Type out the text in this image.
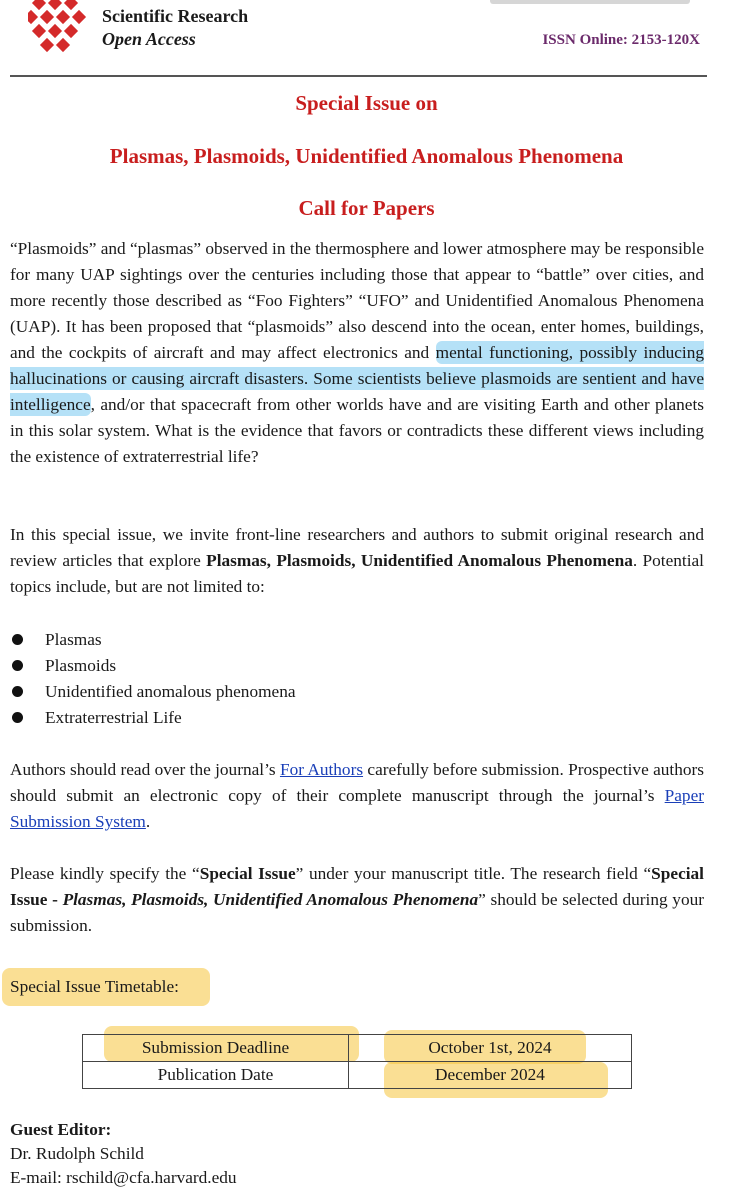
Scientific Research
Open Access	ISSN Online: 2153-120X
Special Issue on
Plasmas, Plasmoids, Unidentified Anomalous Phenomena
Call for Papers
“Plasmoids” and “plasmas” observed in the thermosphere and lower atmosphere may be responsible for many UAP sightings over the centuries including those that appear to “battle” over cities, and more recently those described as “Foo Fighters” “UFO” and Unidentified Anomalous Phenomena (UAP). It has been proposed that “plasmoids” also descend into the ocean, enter homes, buildings, and the cockpits of aircraft and may affect electronics and mental functioning, possibly inducing hallucinations or causing aircraft disasters. Some scientists believe plasmoids are sentient and have intelligence, and/or that spacecraft from other worlds have and are visiting Earth and other planets in this solar system. What is the evidence that favors or contradicts these different views including the existence of extraterrestrial life?
In this special issue, we invite front-line researchers and authors to submit original research and review articles that explore Plasmas, Plasmoids, Unidentified Anomalous Phenomena. Potential topics include, but are not limited to:
Plasmas
Plasmoids
Unidentified anomalous phenomena
Extraterrestrial Life
Authors should read over the journal’s For Authors carefully before submission. Prospective authors should submit an electronic copy of their complete manuscript through the journal’s Paper Submission System.
Please kindly specify the “Special Issue” under your manuscript title. The research field “Special Issue - Plasmas, Plasmoids, Unidentified Anomalous Phenomena” should be selected during your submission.
Special Issue Timetable:
Submission Deadline	October 1st, 2024
Publication Date	December 2024
Guest Editor:
Dr. Rudolph Schild
E-mail: rschild@cfa.harvard.edu
